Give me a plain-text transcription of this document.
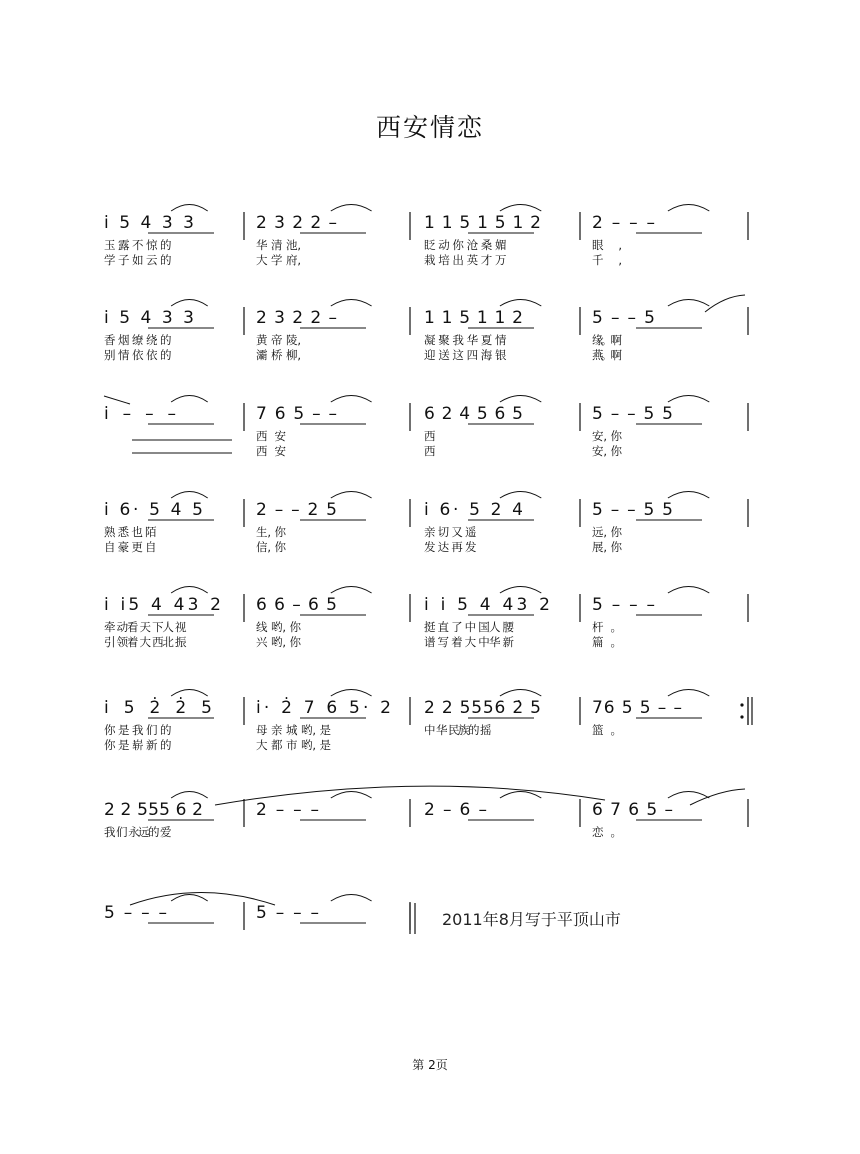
西安情恋
i̇ 5 4 3 3
玉 露 不 惊 的
学 子 如 云 的
2 3 2 2 –
华 清 池,
大 学 府,
1 1 5 1 5 1 2
眨 动 你 沧 桑 媚
栽 培 出 英 才 万
2 – – –
眼,
千,
i̇ 5 4 3 3
香 烟 缭 绕 的
别 情 依 依 的
2 3 2 2 –
黄 帝 陵,
灞 桥 柳,
1 1 5 1 1 2
凝 聚 我 华 夏 情
迎 送 这 四 海 银
5 – – 5
缘。 啊
燕。 啊
i̇ – – –	7 6 5 – –
西 安
西 安
6 2 4 5 6 5
西
西
5 – – 5 5
安, 你
安, 你
i̇ 6· 5 4 5
熟 悉 也 陌
自 豪 更 自
2 – – 2 5
生, 你
信, 你
i̇ 6· 5 2 4
亲 切 又 遥
发 达 再 发
5 – – 5 5
远, 你
展, 你
i̇ i̇5 4 43 2
牵 动看 天 下人 视
引 领着 大 西北 振
6 6 – 6 5
线 哟, 你
兴 哟, 你
i̇ i̇ 5 4 43 2
挺 直 了 中 国人 腰
谱 写 着 大 中华 新
5 – – –
杆。
篇。
i̇ 5 2̇ 2̇ 5
你 是 我 们 的
你 是 崭 新 的
i̇· 2̇ 7 6 5· 2
母 亲 城 哟, 是
大 都 市 哟, 是
2 2 5556 2̇ 5
中 华 民族的 摇
76 5 5 – –
篮。
2 2 555 6 2
我 们 永远的 爱
2 – – –	2 – 6 –	6 7 6 5 –
恋。
5 – – –	5 – – –	2011年8月写于平顶山市
第 2页
